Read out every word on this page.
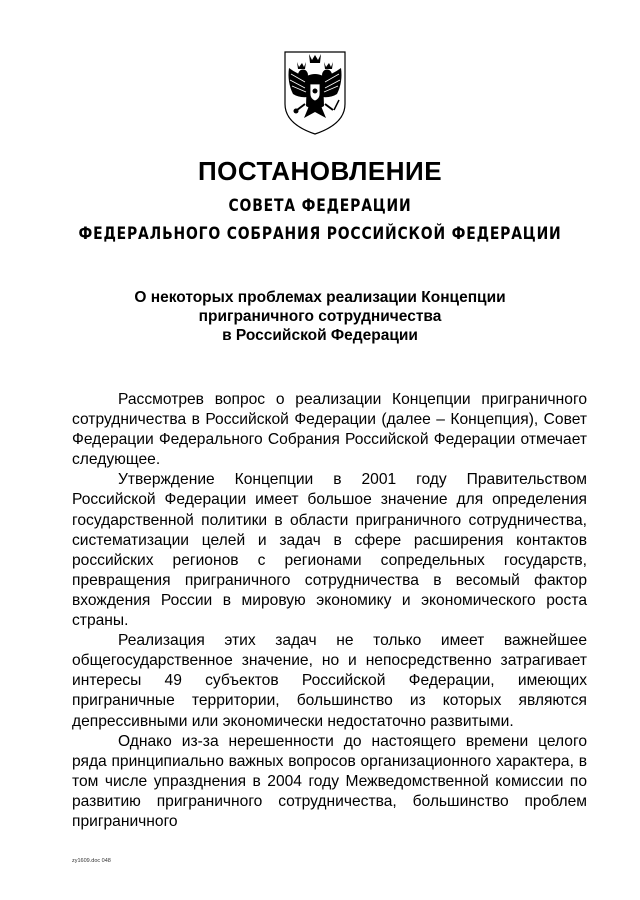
ПОСТАНОВЛЕНИЕ
СОВЕТА ФЕДЕРАЦИИ
ФЕДЕРАЛЬНОГО СОБРАНИЯ РОССИЙСКОЙ ФЕДЕРАЦИИ
О некоторых проблемах реализации Концепции
приграничного сотрудничества
в Российской Федерации

Рассмотрев вопрос о реализации Концепции приграничного сотрудничества в Российской Федерации (далее – Концепция), Совет Федерации Федерального Собрания Российской Федерации отмечает следующее.

Утверждение Концепции в 2001 году Правительством Российской Федерации имеет большое значение для определения государственной политики в области приграничного сотрудничества, систематизации целей и задач в сфере расширения контактов российских регионов с регионами сопредельных государств, превращения приграничного сотрудничества в весомый фактор вхождения России в мировую экономику и экономического роста страны.

Реализация этих задач не только имеет важнейшее общегосударственное значение, но и непосредственно затрагивает интересы 49 субъектов Российской Федерации, имеющих приграничные территории, большинство из которых являются депрессивными или экономически недостаточно развитыми.

Однако из-за нерешенности до настоящего времени целого ряда принципиально важных вопросов организационного характера, в том числе упразднения в 2004 году Межведомственной комиссии по развитию приграничного сотрудничества, большинство проблем приграничного

zy1609.doc 048
